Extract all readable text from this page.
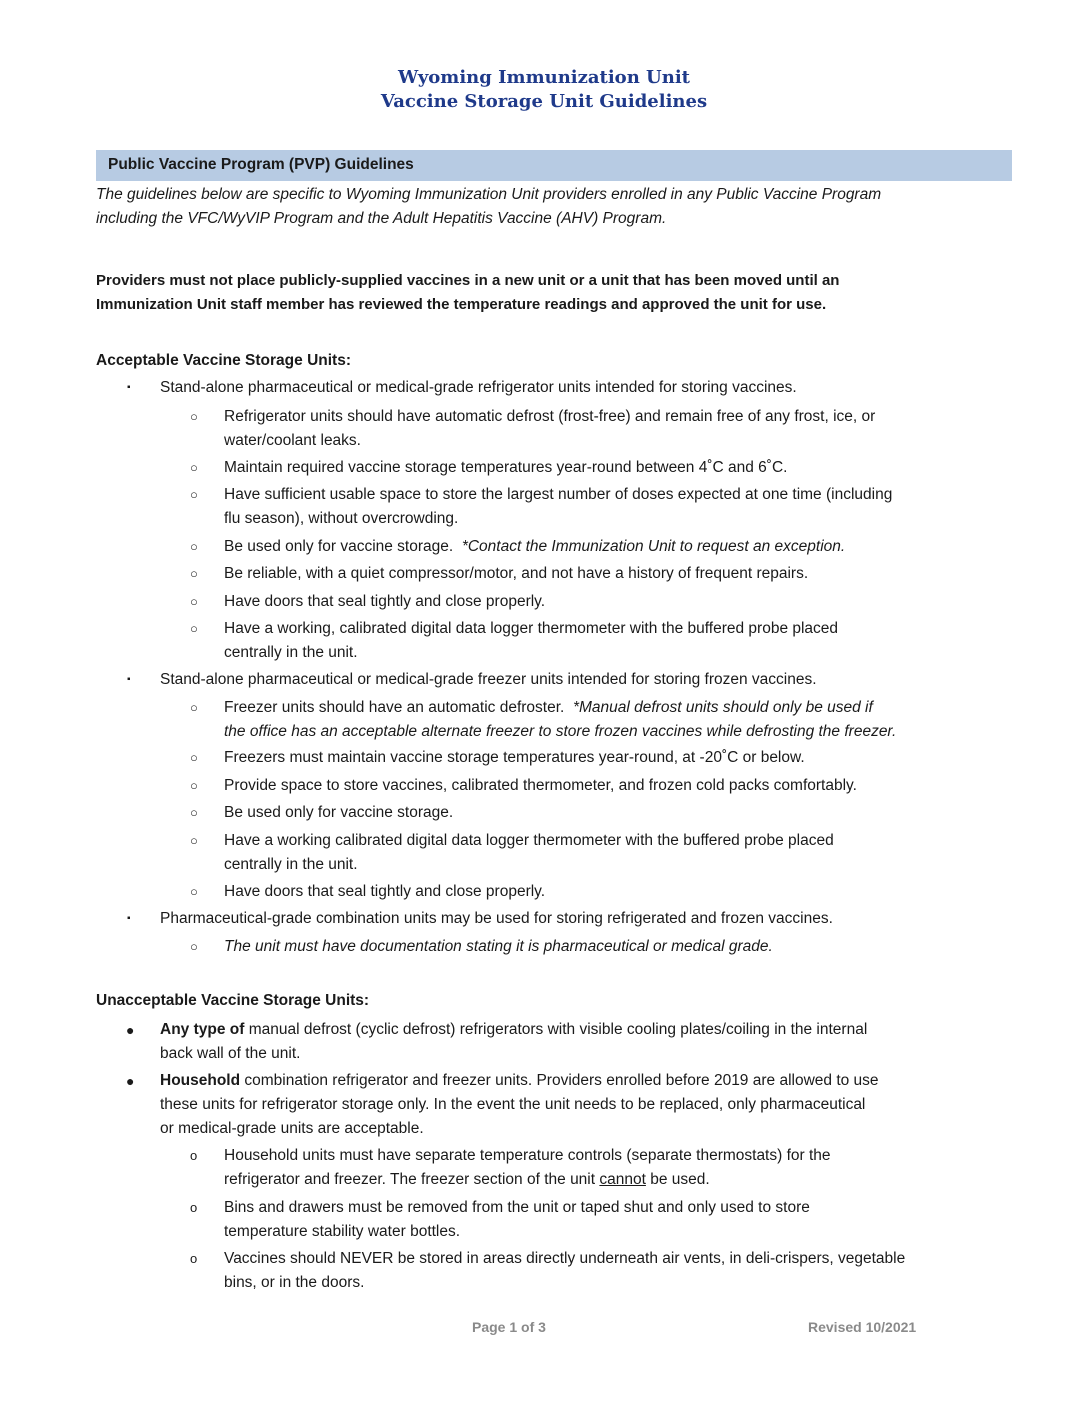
Wyoming Immunization Unit
Vaccine Storage Unit Guidelines
Public Vaccine Program (PVP) Guidelines
The guidelines below are specific to Wyoming Immunization Unit providers enrolled in any Public Vaccine Program
including the VFC/WyVIP Program and the Adult Hepatitis Vaccine (AHV) Program.
Providers must not place publicly-supplied vaccines in a new unit or a unit that has been moved until an
Immunization Unit staff member has reviewed the temperature readings and approved the unit for use.
Acceptable Vaccine Storage Units:
▪ Stand-alone pharmaceutical or medical-grade refrigerator units intended for storing vaccines.
○ Refrigerator units should have automatic defrost (frost-free) and remain free of any frost, ice, or
water/coolant leaks.
○ Maintain required vaccine storage temperatures year-round between 4˚C and 6˚C.
○ Have sufficient usable space to store the largest number of doses expected at one time (including
flu season), without overcrowding.
○ Be used only for vaccine storage. *Contact the Immunization Unit to request an exception.
○ Be reliable, with a quiet compressor/motor, and not have a history of frequent repairs.
○ Have doors that seal tightly and close properly.
○ Have a working, calibrated digital data logger thermometer with the buffered probe placed
centrally in the unit.
▪ Stand-alone pharmaceutical or medical-grade freezer units intended for storing frozen vaccines.
○ Freezer units should have an automatic defroster. *Manual defrost units should only be used if
the office has an acceptable alternate freezer to store frozen vaccines while defrosting the freezer.
○ Freezers must maintain vaccine storage temperatures year-round, at -20˚C or below.
○ Provide space to store vaccines, calibrated thermometer, and frozen cold packs comfortably.
○ Be used only for vaccine storage.
○ Have a working calibrated digital data logger thermometer with the buffered probe placed
centrally in the unit.
○ Have doors that seal tightly and close properly.
▪ Pharmaceutical-grade combination units may be used for storing refrigerated and frozen vaccines.
○ The unit must have documentation stating it is pharmaceutical or medical grade.
Unacceptable Vaccine Storage Units:
● Any type of manual defrost (cyclic defrost) refrigerators with visible cooling plates/coiling in the internal
back wall of the unit.
● Household combination refrigerator and freezer units. Providers enrolled before 2019 are allowed to use
these units for refrigerator storage only. In the event the unit needs to be replaced, only pharmaceutical
or medical-grade units are acceptable.
o Household units must have separate temperature controls (separate thermostats) for the
refrigerator and freezer. The freezer section of the unit cannot be used.
o Bins and drawers must be removed from the unit or taped shut and only used to store
temperature stability water bottles.
o Vaccines should NEVER be stored in areas directly underneath air vents, in deli-crispers, vegetable
bins, or in the doors.
Page 1 of 3	Revised 10/2021
